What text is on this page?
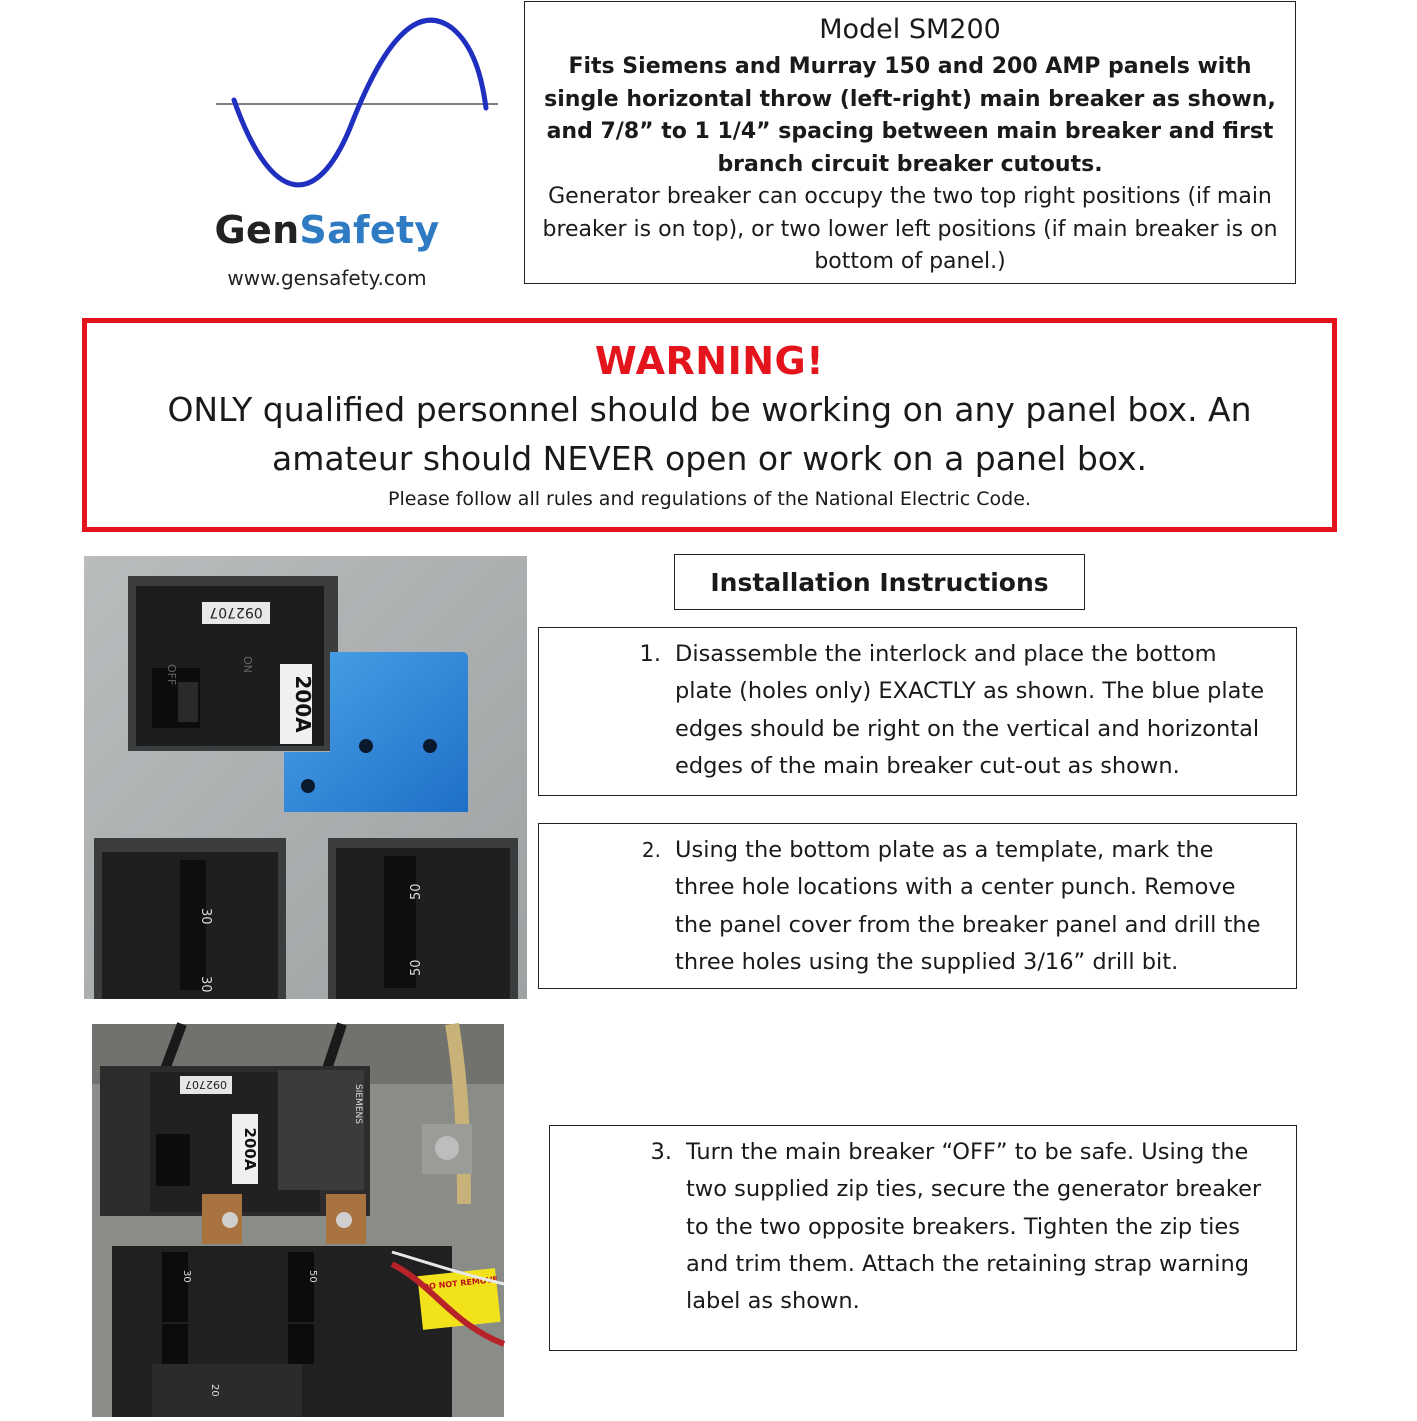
GenSafety
www.gensafety.com
Model SM200
Fits Siemens and Murray 150 and 200 AMP panels with single horizontal throw (left-right) main breaker as shown, and 7/8” to 1 1/4” spacing between main breaker and first branch circuit breaker cutouts.
Generator breaker can occupy the two top right positions (if main breaker is on top), or two lower left positions (if main breaker is on bottom of panel.)
WARNING!
ONLY qualified personnel should be working on any panel box. An amateur should NEVER open or work on a panel box.
Please follow all rules and regulations of the National Electric Code.
092707
200A
OFF	ON
30
30
50
50
092707
200A
SIEMENS
30	50
20
DO NOT REMOVE
retaining strap. If breaker needs to be removed, strap must be replaced or secured.
Installation Instructions
1. Disassemble the interlock and place the bottom plate (holes only) EXACTLY as shown. The blue plate edges should be right on the vertical and horizontal edges of the main breaker cut-out as shown.
2. Using the bottom plate as a template, mark the three hole locations with a center punch. Remove the panel cover from the breaker panel and drill the three holes using the supplied 3/16” drill bit.
3. Turn the main breaker “OFF” to be safe. Using the two supplied zip ties, secure the generator breaker to the two opposite breakers. Tighten the zip ties and trim them. Attach the retaining strap warning label as shown.
